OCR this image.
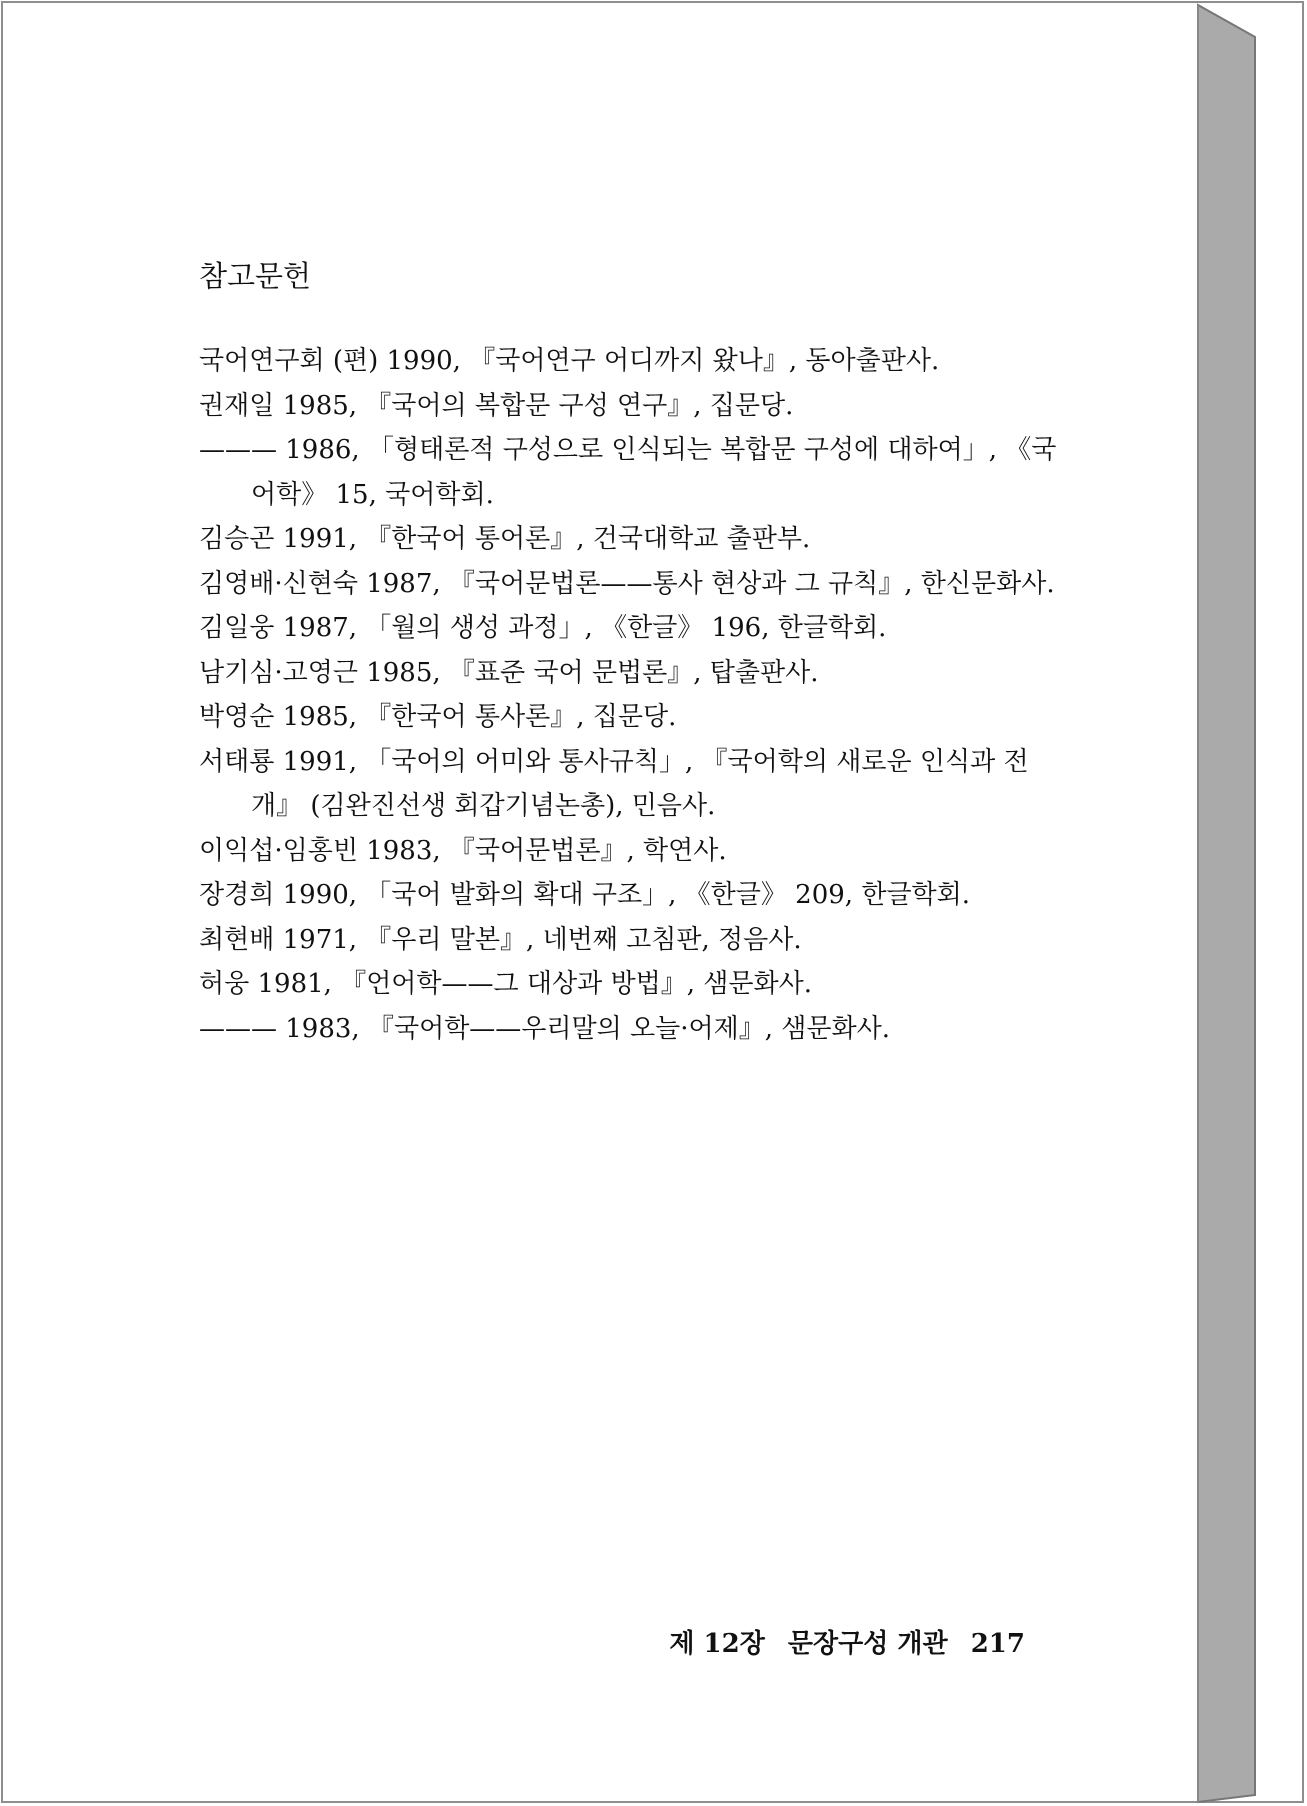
참고문헌
국어연구회 (편) 1990, 『국어연구 어디까지 왔나』, 동아출판사.
권재일 1985, 『국어의 복합문 구성 연구』, 집문당.
——— 1986, 「형태론적 구성으로 인식되는 복합문 구성에 대하여」, 《국어학》 15, 국어학회.
김승곤 1991, 『한국어 통어론』, 건국대학교 출판부.
김영배·신현숙 1987, 『국어문법론——통사 현상과 그 규칙』, 한신문화사.
김일웅 1987, 「월의 생성 과정」, 《한글》 196, 한글학회.
남기심·고영근 1985, 『표준 국어 문법론』, 탑출판사.
박영순 1985, 『한국어 통사론』, 집문당.
서태룡 1991, 「국어의 어미와 통사규칙」, 『국어학의 새로운 인식과 전개』 (김완진선생 회갑기념논총), 민음사.
이익섭·임홍빈 1983, 『국어문법론』, 학연사.
장경희 1990, 「국어 발화의 확대 구조」, 《한글》 209, 한글학회.
최현배 1971, 『우리 말본』, 네번째 고침판, 정음사.
허웅 1981, 『언어학——그 대상과 방법』, 샘문화사.
——— 1983, 『국어학——우리말의 오늘·어제』, 샘문화사.
제 12장 문장구성 개관 217
